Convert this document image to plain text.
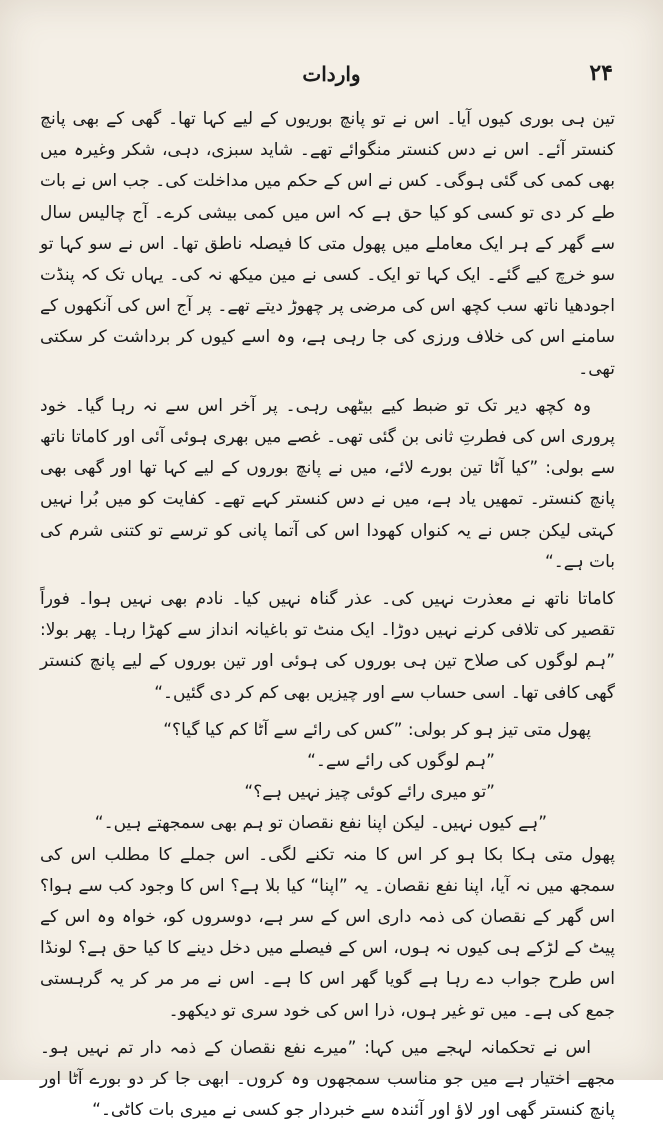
۲۴
واردات

تین ہی بوری کیوں آیا۔ اس نے تو پانچ بوریوں کے لیے کہا تھا۔ گھی کے بھی پانچ کنستر آئے۔ اس نے دس کنستر منگوائے تھے۔ شاید سبزی، دہی، شکر وغیرہ میں بھی کمی کی گئی ہوگی۔ کس نے اس کے حکم میں مداخلت کی۔ جب اس نے بات طے کر دی تو کسی کو کیا حق ہے کہ اس میں کمی بیشی کرے۔ آج چالیس سال سے گھر کے ہر ایک معاملے میں پھول متی کا فیصلہ ناطق تھا۔ اس نے سو کہا تو سو خرچ کیے گئے۔ ایک کہا تو ایک۔ کسی نے مین میکھ نہ کی۔ یہاں تک کہ پنڈت اجودھیا ناتھ سب کچھ اس کی مرضی پر چھوڑ دیتے تھے۔ پر آج اس کی آنکھوں کے سامنے اس کی خلاف ورزی کی جا رہی ہے، وہ اسے کیوں کر برداشت کر سکتی تھی۔

وہ کچھ دیر تک تو ضبط کیے بیٹھی رہی۔ پر آخر اس سے نہ رہا گیا۔ خود پروری اس کی فطرتِ ثانی بن گئی تھی۔ غصے میں بھری ہوئی آئی اور کاماتا ناتھ سے بولی: ”کیا آٹا تین بورے لائے، میں نے پانچ بوروں کے لیے کہا تھا اور گھی بھی پانچ کنستر۔ تمھیں یاد ہے، میں نے دس کنستر کہے تھے۔ کفایت کو میں بُرا نہیں کہتی لیکن جس نے یہ کنواں کھودا اس کی آتما پانی کو ترسے تو کتنی شرم کی بات ہے۔“

کاماتا ناتھ نے معذرت نہیں کی۔ عذر گناہ نہیں کیا۔ نادم بھی نہیں ہوا۔ فوراً تقصیر کی تلافی کرنے نہیں دوڑا۔ ایک منٹ تو باغیانہ انداز سے کھڑا رہا۔ پھر بولا: ”ہم لوگوں کی صلاح تین ہی بوروں کی ہوئی اور تین بوروں کے لیے پانچ کنستر گھی کافی تھا۔ اسی حساب سے اور چیزیں بھی کم کر دی گئیں۔“

پھول متی تیز ہو کر بولی: ”کس کی رائے سے آٹا کم کیا گیا؟“

”ہم لوگوں کی رائے سے۔“

”تو میری رائے کوئی چیز نہیں ہے؟“

”ہے کیوں نہیں۔ لیکن اپنا نفع نقصان تو ہم بھی سمجھتے ہیں۔“

پھول متی ہکا بکا ہو کر اس کا منہ تکنے لگی۔ اس جملے کا مطلب اس کی سمجھ میں نہ آیا، اپنا نفع نقصان۔ یہ ”اپنا“ کیا بلا ہے؟ اس کا وجود کب سے ہوا؟ اس گھر کے نقصان کی ذمہ داری اس کے سر ہے، دوسروں کو، خواہ وہ اس کے پیٹ کے لڑکے ہی کیوں نہ ہوں، اس کے فیصلے میں دخل دینے کا کیا حق ہے؟ لونڈا اس طرح جواب دے رہا ہے گویا گھر اس کا ہے۔ اس نے مر مر کر یہ گرہستی جمع کی ہے۔ میں تو غیر ہوں، ذرا اس کی خود سری تو دیکھو۔

اس نے تحکمانہ لہجے میں کہا: ”میرے نفع نقصان کے ذمہ دار تم نہیں ہو۔ مجھے اختیار ہے میں جو مناسب سمجھوں وہ کروں۔ ابھی جا کر دو بورے آٹا اور پانچ کنستر گھی اور لاؤ اور آئندہ سے خبردار جو کسی نے میری بات کاٹی۔“
